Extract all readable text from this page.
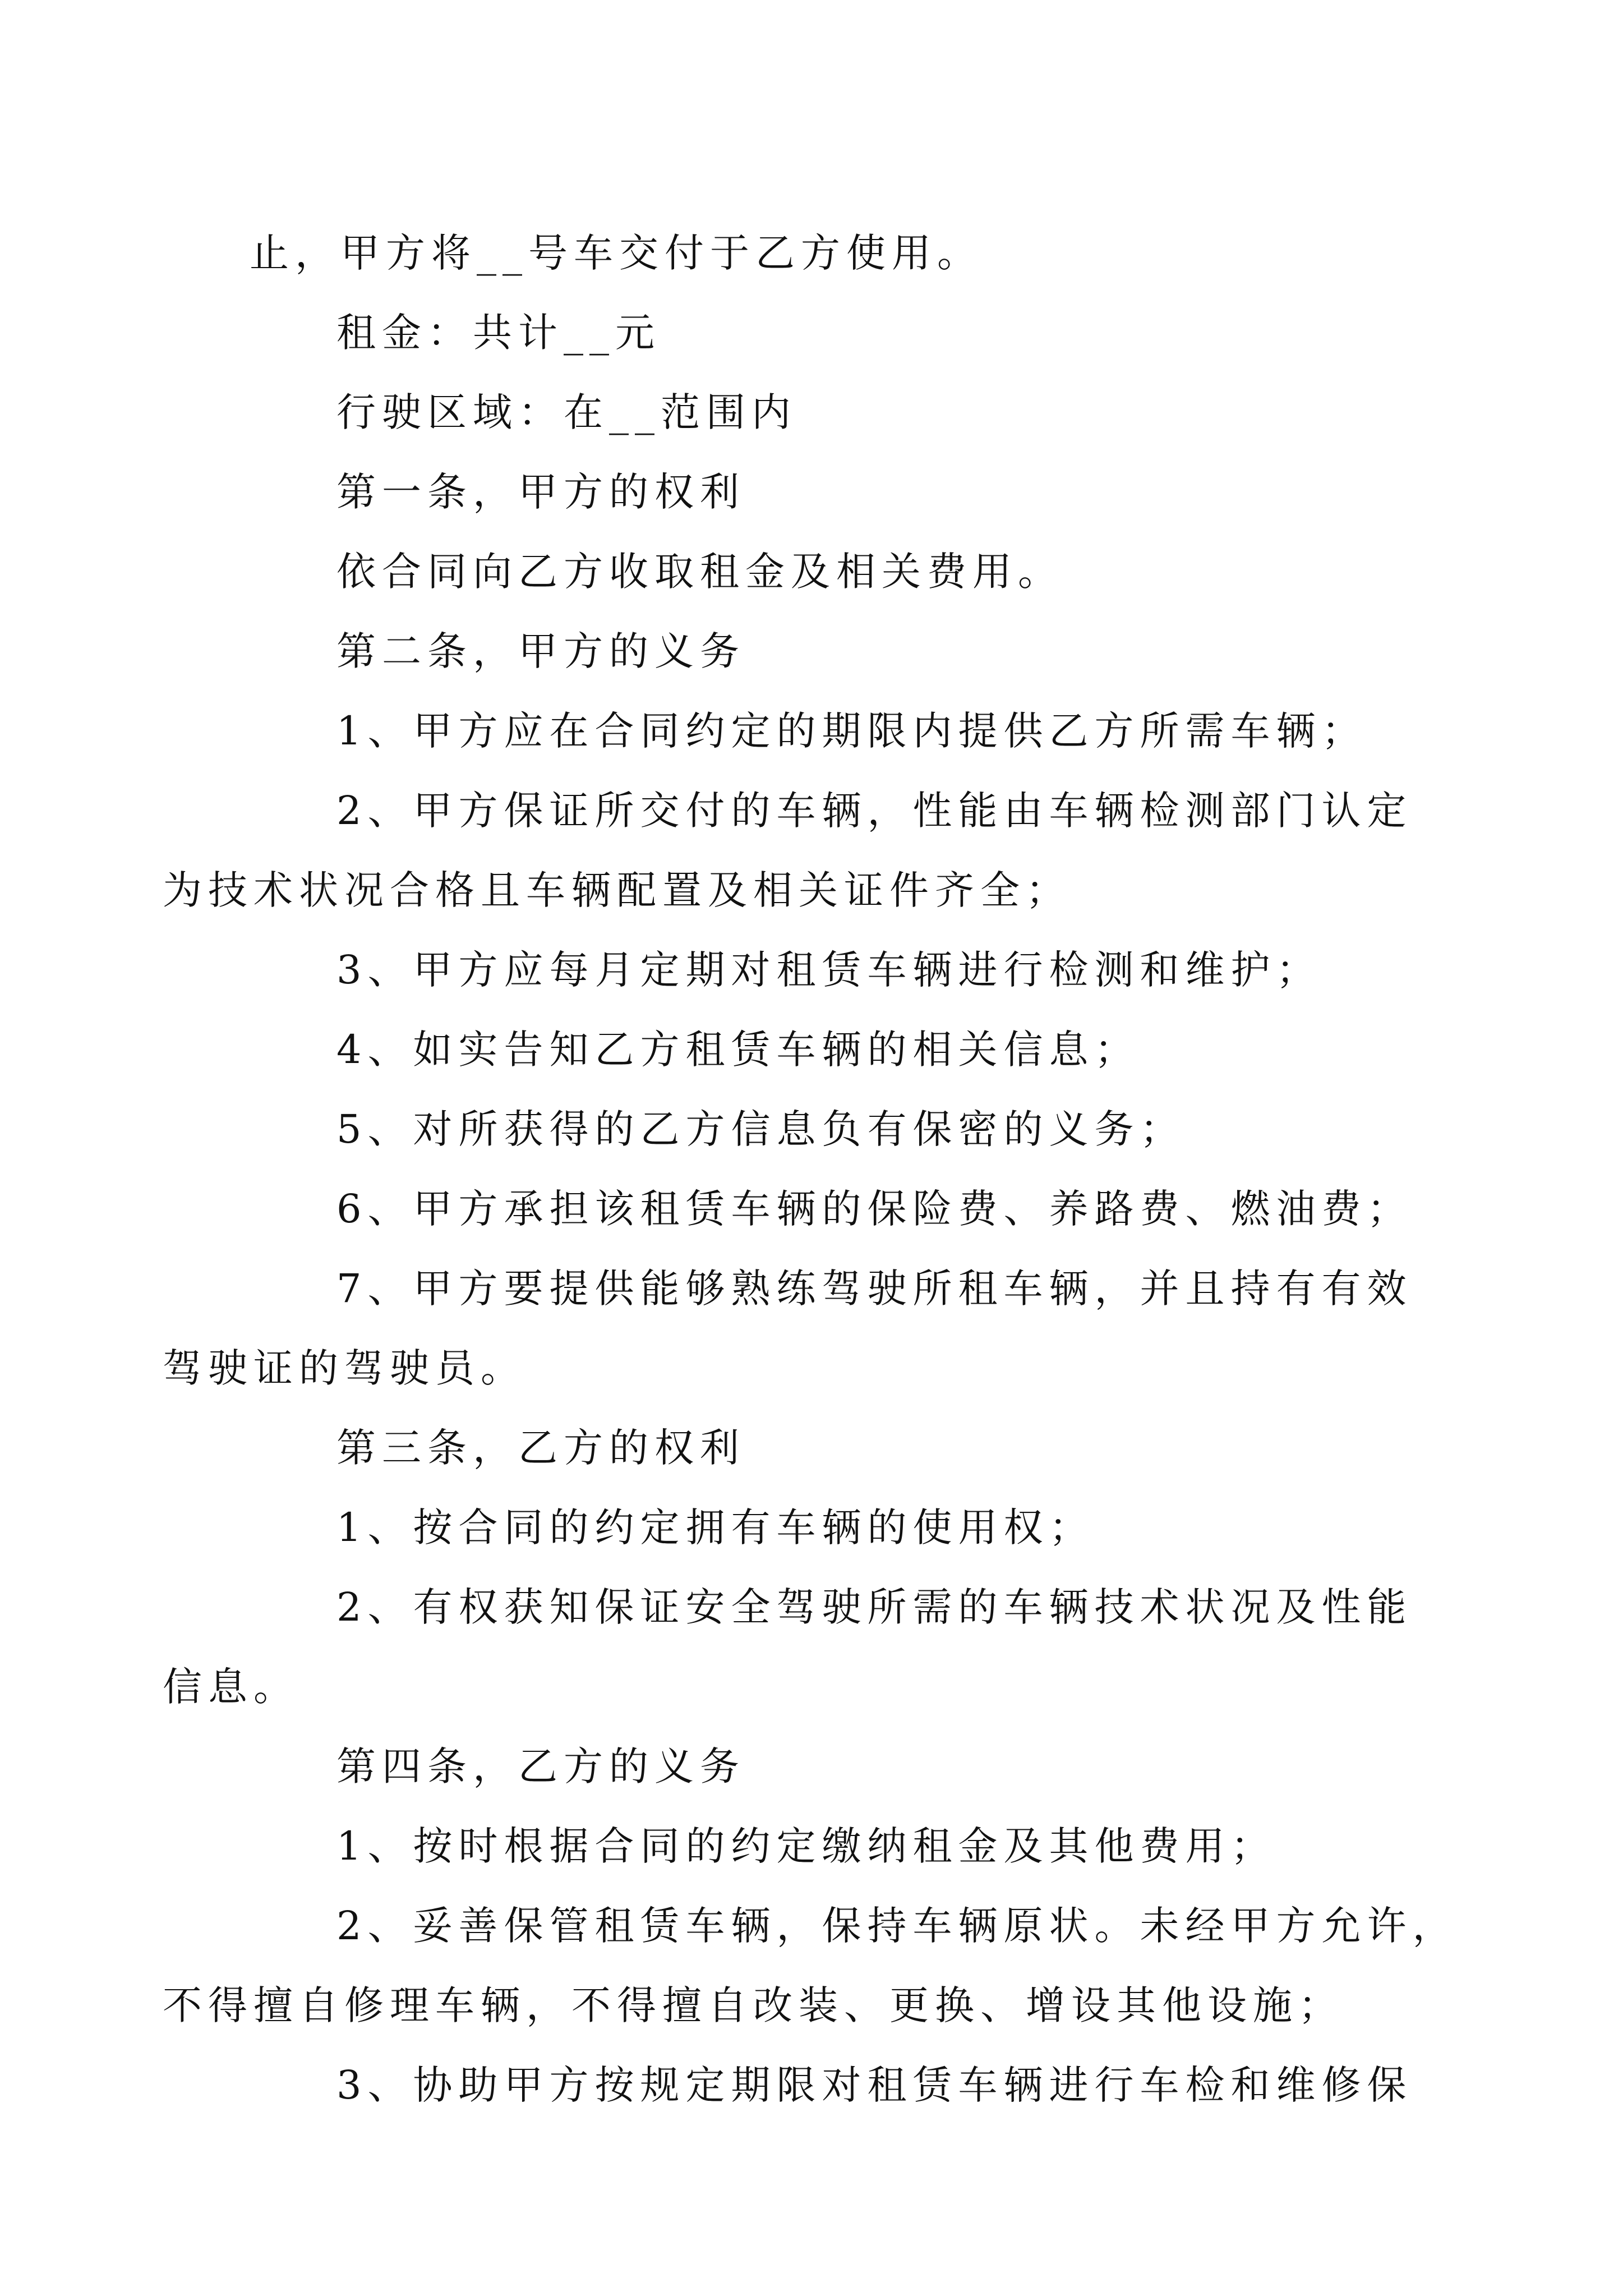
止，甲方将__号车交付于乙方使用。

租金：共计__元

行驶区域：在__范围内

第一条，甲方的权利

依合同向乙方收取租金及相关费用。

第二条，甲方的义务

1、甲方应在合同约定的期限内提供乙方所需车辆；

2、甲方保证所交付的车辆，性能由车辆检测部门认定
为技术状况合格且车辆配置及相关证件齐全；

3、甲方应每月定期对租赁车辆进行检测和维护；

4、如实告知乙方租赁车辆的相关信息；

5、对所获得的乙方信息负有保密的义务；

6、甲方承担该租赁车辆的保险费、养路费、燃油费；

7、甲方要提供能够熟练驾驶所租车辆，并且持有有效
驾驶证的驾驶员。

第三条，乙方的权利

1、按合同的约定拥有车辆的使用权；

2、有权获知保证安全驾驶所需的车辆技术状况及性能
信息。

第四条，乙方的义务

1、按时根据合同的约定缴纳租金及其他费用；

2、妥善保管租赁车辆，保持车辆原状。未经甲方允许，
不得擅自修理车辆，不得擅自改装、更换、增设其他设施；

3、协助甲方按规定期限对租赁车辆进行车检和维修保
